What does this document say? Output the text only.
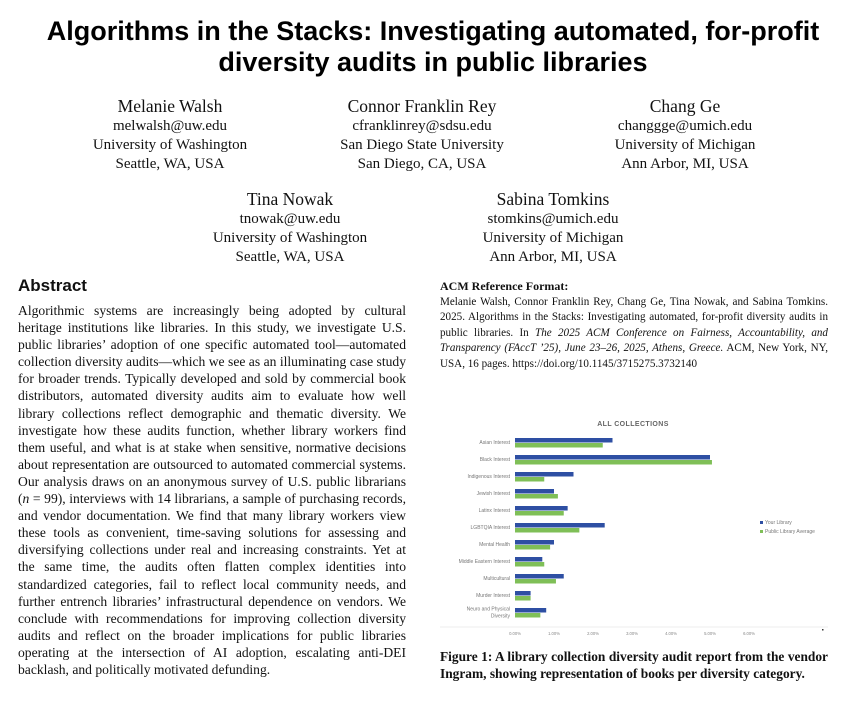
Algorithms in the Stacks: Investigating automated, for-profit
diversity audits in public libraries
Melanie Walsh
melwalsh@uw.edu
University of Washington
Seattle, WA, USA
Connor Franklin Rey
cfranklinrey@sdsu.edu
San Diego State University
San Diego, CA, USA
Chang Ge
changgge@umich.edu
University of Michigan
Ann Arbor, MI, USA
Tina Nowak
tnowak@uw.edu
University of Washington
Seattle, WA, USA
Sabina Tomkins
stomkins@umich.edu
University of Michigan
Ann Arbor, MI, USA
Abstract

Algorithmic systems are increasingly being adopted by cultural heritage institutions like libraries. In this study, we investigate U.S. public libraries’ adoption of one specific automated tool—automated collection diversity audits—which we see as an illuminating case study for broader trends. Typically developed and sold by commercial book distributors, automated diversity audits aim to evaluate how well library collections reflect demographic and thematic diversity. We investigate how these audits function, whether library workers find them useful, and what is at stake when sensitive, normative decisions about representation are outsourced to automated commercial systems. Our analysis draws on an anonymous survey of U.S. public librarians (n = 99), interviews with 14 librarians, a sample of purchasing records, and vendor documentation. We find that many library workers view these tools as convenient, time-saving solutions for assessing and diversifying collections under real and increasing constraints. Yet at the same time, the audits often flatten complex identities into standardized categories, fail to reflect local community needs, and further entrench libraries’ infrastructural dependence on vendors. We conclude with recommendations for improving collection diversity audits and reflect on the broader implications for public libraries operating at the intersection of AI adoption, escalating anti-DEI backlash, and politically motivated defunding.

ACM Reference Format:
Melanie Walsh, Connor Franklin Rey, Chang Ge, Tina Nowak, and Sabina Tomkins. 2025. Algorithms in the Stacks: Investigating automated, for-profit diversity audits in public libraries. In The 2025 ACM Conference on Fairness, Accountability, and Transparency (FAccT ’25), June 23–26, 2025, Athens, Greece. ACM, New York, NY, USA, 16 pages. https://doi.org/10.1145/3715275.3732140
ALL COLLECTIONS
Asian Interest
Black Interest
Indigenous Interest
Jewish Interest
Latinx Interest
LGBTQIA Interest
Mental Health
Middle Eastern Interest
Multicultural
Murder Interest
Neuro and Physical
Diversity
0.00%	1.00%	2.00%	3.00%	4.00%	5.00%	6.00%
Your Library
Public Library Average
Figure 1: A library collection diversity audit report from the vendor Ingram, showing representation of books per diversity category.
